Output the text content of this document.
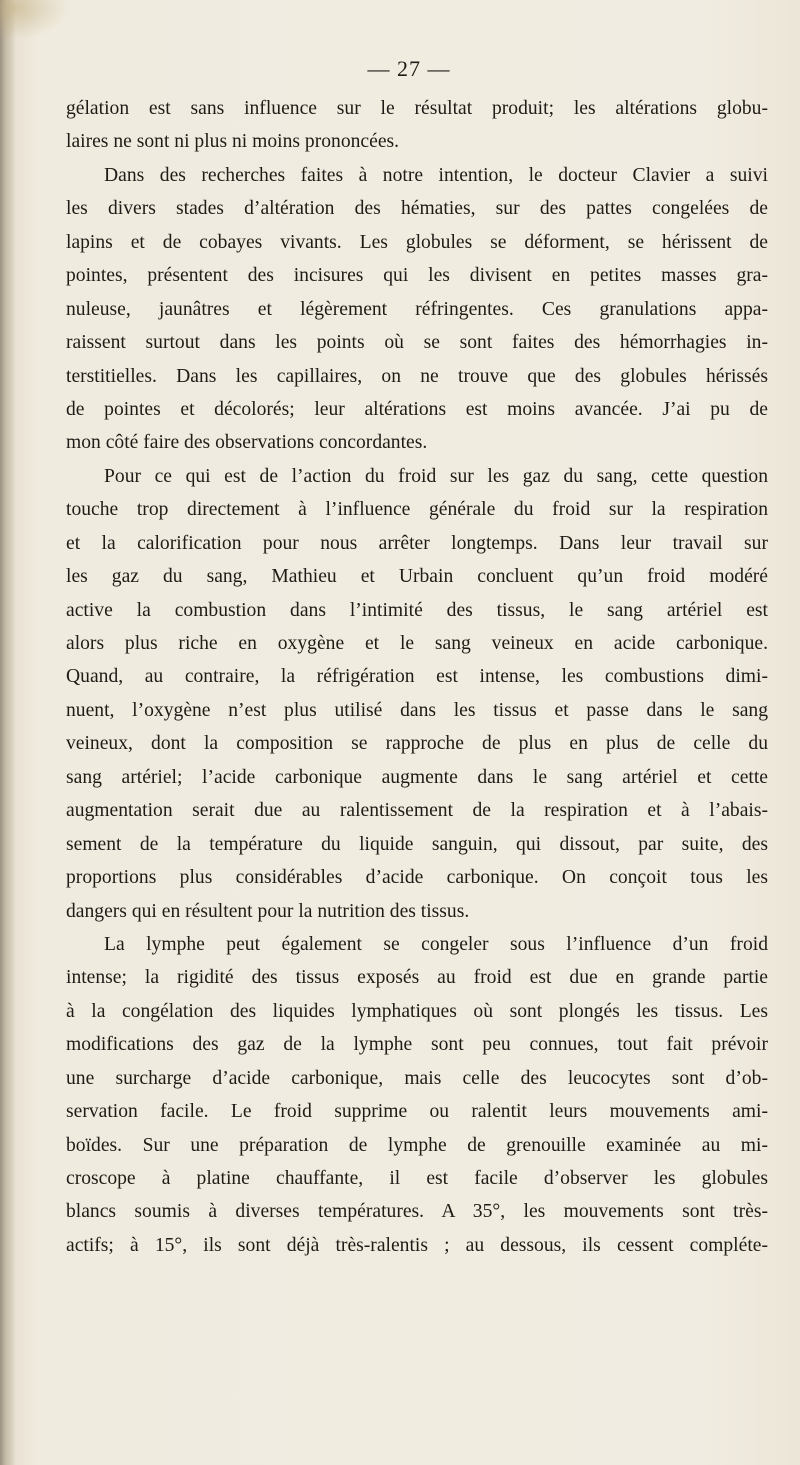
— 27 —
gélation est sans influence sur le résultat produit; les altérations globu-
laires ne sont ni plus ni moins prononcées.
Dans des recherches faites à notre intention, le docteur Clavier a suivi
les divers stades d’altération des hématies, sur des pattes congelées de
lapins et de cobayes vivants. Les globules se déforment, se hérissent de
pointes, présentent des incisures qui les divisent en petites masses gra-
nuleuse, jaunâtres et légèrement réfringentes. Ces granulations appa-
raissent surtout dans les points où se sont faites des hémorrhagies in-
terstitielles. Dans les capillaires, on ne trouve que des globules hérissés
de pointes et décolorés; leur altérations est moins avancée. J’ai pu de
mon côté faire des observations concordantes.
Pour ce qui est de l’action du froid sur les gaz du sang, cette question
touche trop directement à l’influence générale du froid sur la respiration
et la calorification pour nous arrêter longtemps. Dans leur travail sur
les gaz du sang, Mathieu et Urbain concluent qu’un froid modéré
active la combustion dans l’intimité des tissus, le sang artériel est
alors plus riche en oxygène et le sang veineux en acide carbonique.
Quand, au contraire, la réfrigération est intense, les combustions dimi-
nuent, l’oxygène n’est plus utilisé dans les tissus et passe dans le sang
veineux, dont la composition se rapproche de plus en plus de celle du
sang artériel; l’acide carbonique augmente dans le sang artériel et cette
augmentation serait due au ralentissement de la respiration et à l’abais-
sement de la température du liquide sanguin, qui dissout, par suite, des
proportions plus considérables d’acide carbonique. On conçoit tous les
dangers qui en résultent pour la nutrition des tissus.
La lymphe peut également se congeler sous l’influence d’un froid
intense; la rigidité des tissus exposés au froid est due en grande partie
à la congélation des liquides lymphatiques où sont plongés les tissus. Les
modifications des gaz de la lymphe sont peu connues, tout fait prévoir
une surcharge d’acide carbonique, mais celle des leucocytes sont d’ob-
servation facile. Le froid supprime ou ralentit leurs mouvements ami-
boïdes. Sur une préparation de lymphe de grenouille examinée au mi-
croscope à platine chauffante, il est facile d’observer les globules
blancs soumis à diverses températures. A 35°, les mouvements sont très-
actifs; à 15°, ils sont déjà très-ralentis ; au dessous, ils cessent compléte-
